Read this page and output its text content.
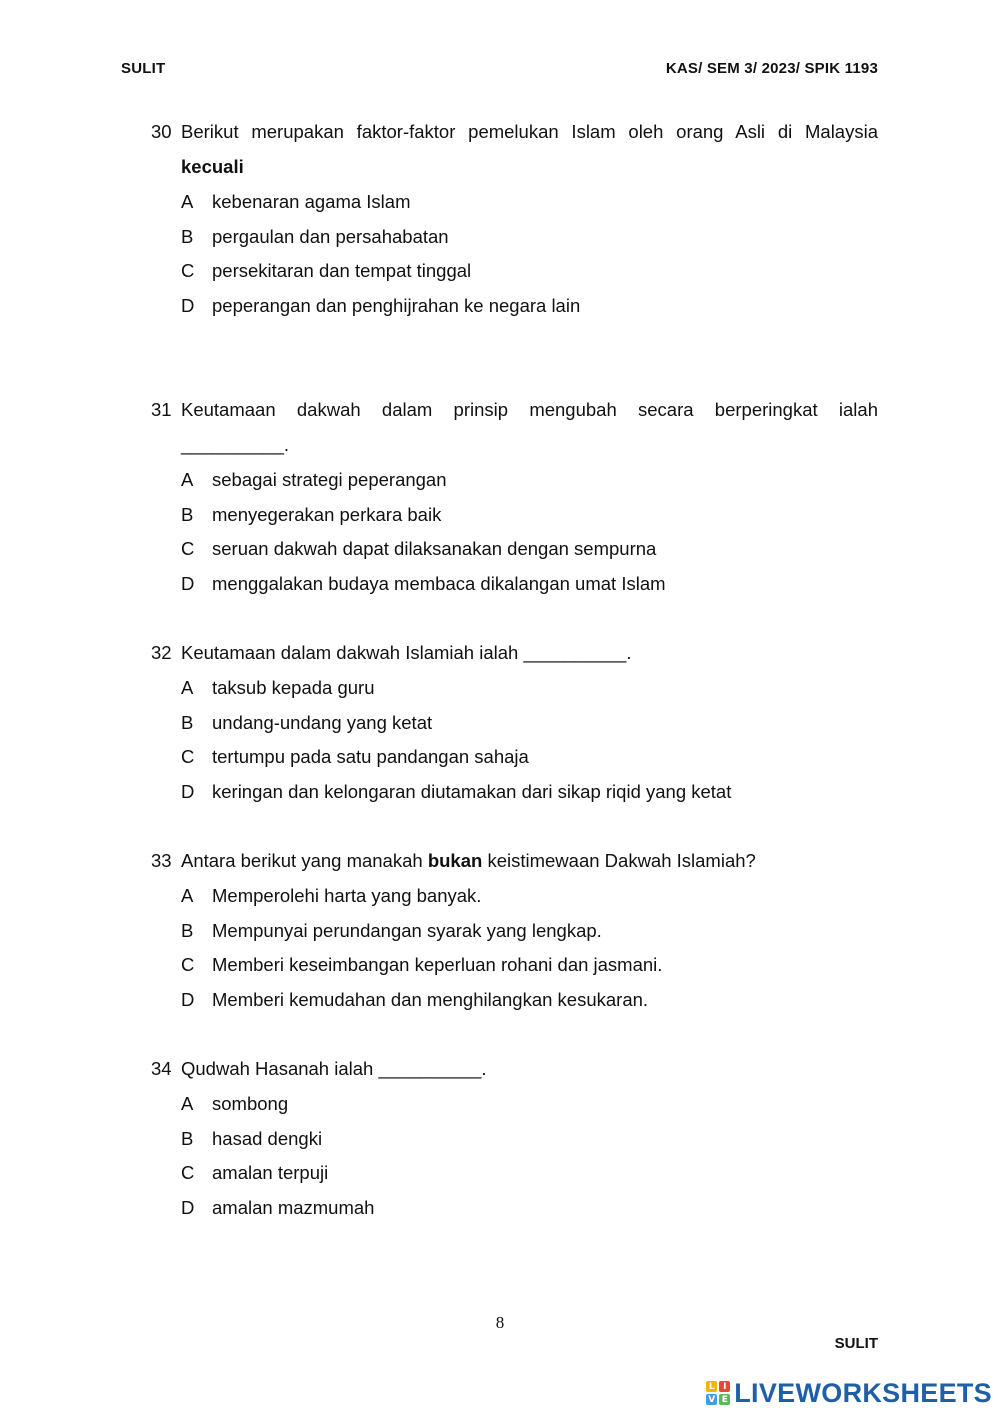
SULIT	KAS/ SEM 3/ 2023/ SPIK 1193
30 Berikut merupakan faktor-faktor pemelukan Islam oleh orang Asli di Malaysia
kecuali
A	kebenaran agama Islam
B	pergaulan dan persahabatan
C persekitaran dan tempat tinggal
D peperangan dan penghijrahan ke negara lain
31 Keutamaan dakwah dalam prinsip mengubah secara berperingkat ialah
__________.
A	sebagai strategi peperangan
B	menyegerakan perkara baik
C seruan dakwah dapat dilaksanakan dengan sempurna
D menggalakan budaya membaca dikalangan umat Islam
32 Keutamaan dalam dakwah Islamiah ialah __________.
A	taksub kepada guru
B	undang-undang yang ketat
C tertumpu pada satu pandangan sahaja
D keringan dan kelongaran diutamakan dari sikap riqid yang ketat
33 Antara berikut yang manakah bukan keistimewaan Dakwah Islamiah?
A	Memperolehi harta yang banyak.
B	Mempunyai perundangan syarak yang lengkap.
C Memberi keseimbangan keperluan rohani dan jasmani.
D Memberi kemudahan dan menghilangkan kesukaran.
34 Qudwah Hasanah ialah __________.
A	sombong
B	hasad dengki
C amalan terpuji
D amalan mazmumah
8
SULIT
L I
V E LIVEWORKSHEETS
